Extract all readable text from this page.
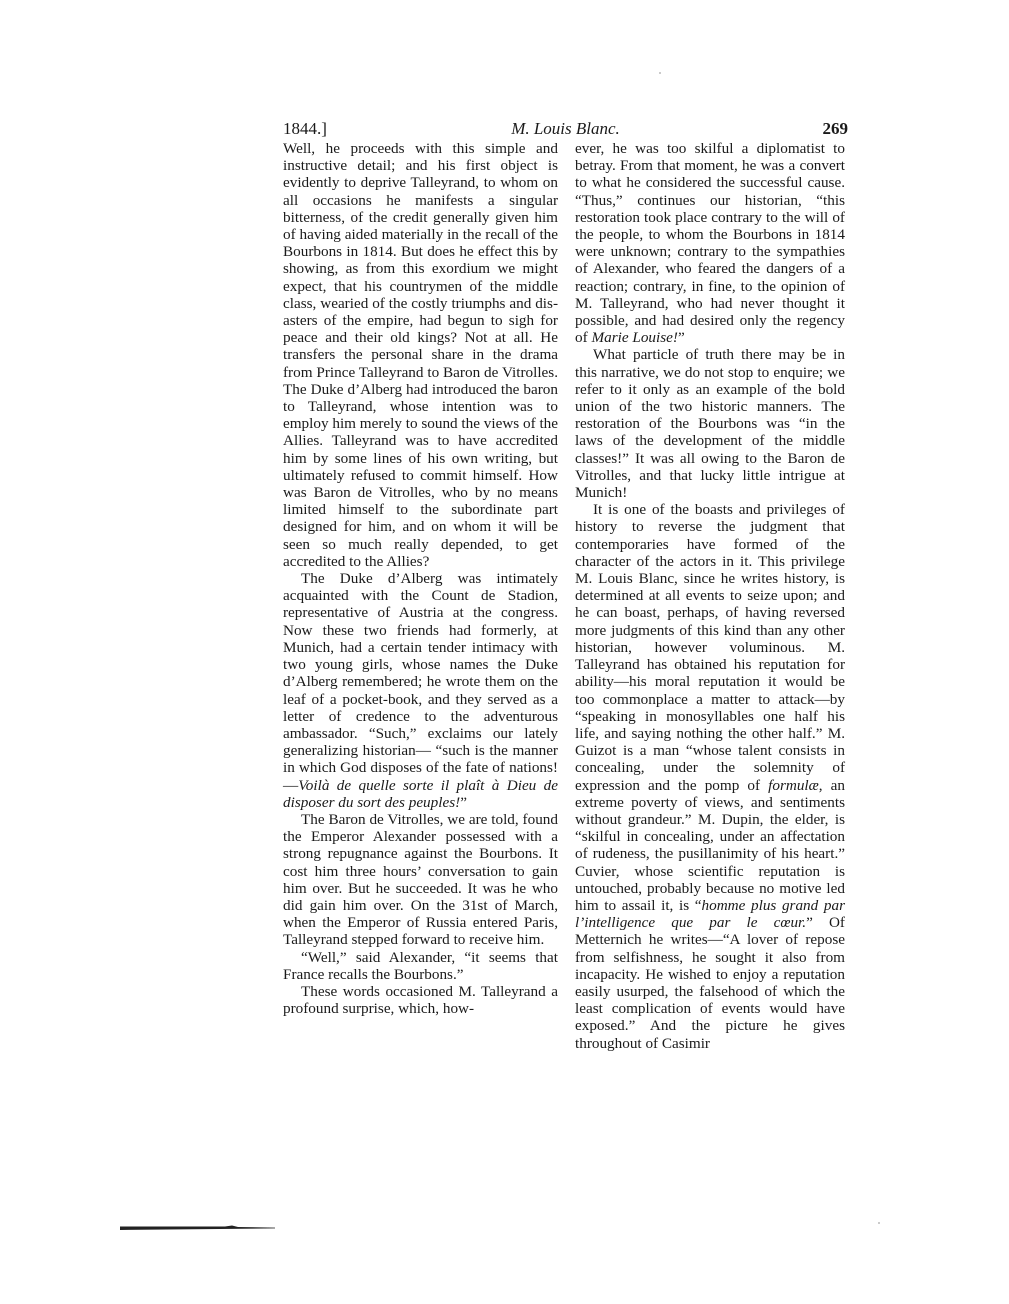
1844.]	M. Louis Blanc.	269

Well, he proceeds with this simple and instructive detail; and his first object is evidently to deprive Talleyrand, to whom on all occasions he manifests a singular bitterness, of the credit generally given him of having aided materially in the recall of the Bourbons in 1814. But does he effect this by showing, as from this exordium we might expect, that his countrymen of the middle class, wearied of the costly triumphs and disasters of the empire, had begun to sigh for peace and their old kings? Not at all. He transfers the personal share in the drama from Prince Talleyrand to Baron de Vitrolles. The Duke d’Alberg had introduced the baron to Talleyrand, whose intention was to employ him merely to sound the views of the Allies. Talleyrand was to have accredited him by some lines of his own writing, but ultimately refused to commit himself. How was Baron de Vitrolles, who by no means limited himself to the subordinate part designed for him, and on whom it will be seen so much really depended, to get accredited to the Allies?

The Duke d’Alberg was intimately acquainted with the Count de Stadion, representative of Austria at the congress. Now these two friends had formerly, at Munich, had a certain tender intimacy with two young girls, whose names the Duke d’Alberg remembered; he wrote them on the leaf of a pocket-book, and they served as a letter of credence to the adventurous ambassador. “Such,” exclaims our lately generalizing historian— “such is the manner in which God disposes of the fate of nations!—Voilà de quelle sorte il plaît à Dieu de disposer du sort des peuples!”

The Baron de Vitrolles, we are told, found the Emperor Alexander possessed with a strong repugnance against the Bourbons. It cost him three hours’ conversation to gain him over. But he succeeded. It was he who did gain him over. On the 31st of March, when the Emperor of Russia entered Paris, Talleyrand stepped forward to receive him.

“Well,” said Alexander, “it seems that France recalls the Bourbons.”

These words occasioned M. Talleyrand a profound surprise, which, how-

ever, he was too skilful a diplomatist to betray. From that moment, he was a convert to what he considered the successful cause. “Thus,” continues our historian, “this restoration took place contrary to the will of the people, to whom the Bourbons in 1814 were unknown; contrary to the sympathies of Alexander, who feared the dangers of a reaction; contrary, in fine, to the opinion of M. Talleyrand, who had never thought it possible, and had desired only the regency of Marie Louise!”

What particle of truth there may be in this narrative, we do not stop to enquire; we refer to it only as an example of the bold union of the two historic manners. The restoration of the Bourbons was “in the laws of the development of the middle classes!” It was all owing to the Baron de Vitrolles, and that lucky little intrigue at Munich!

It is one of the boasts and privileges of history to reverse the judgment that contemporaries have formed of the character of the actors in it. This privilege M. Louis Blanc, since he writes history, is determined at all events to seize upon; and he can boast, perhaps, of having reversed more judgments of this kind than any other historian, however voluminous. M. Talleyrand has obtained his reputation for ability—his moral reputation it would be too commonplace a matter to attack—by “speaking in monosyllables one half his life, and saying nothing the other half.” M. Guizot is a man “whose talent consists in concealing, under the solemnity of expression and the pomp of formulæ, an extreme poverty of views, and sentiments without grandeur.” M. Dupin, the elder, is “skilful in concealing, under an affectation of rudeness, the pusillanimity of his heart.” Cuvier, whose scientific reputation is untouched, probably because no motive led him to assail it, is “homme plus grand par l’intelligence que par le cœur.” Of Metternich he writes—“A lover of repose from selfishness, he sought it also from incapacity. He wished to enjoy a reputation easily usurped, the falsehood of which the least complication of events would have exposed.” And the picture he gives throughout of Casimir
